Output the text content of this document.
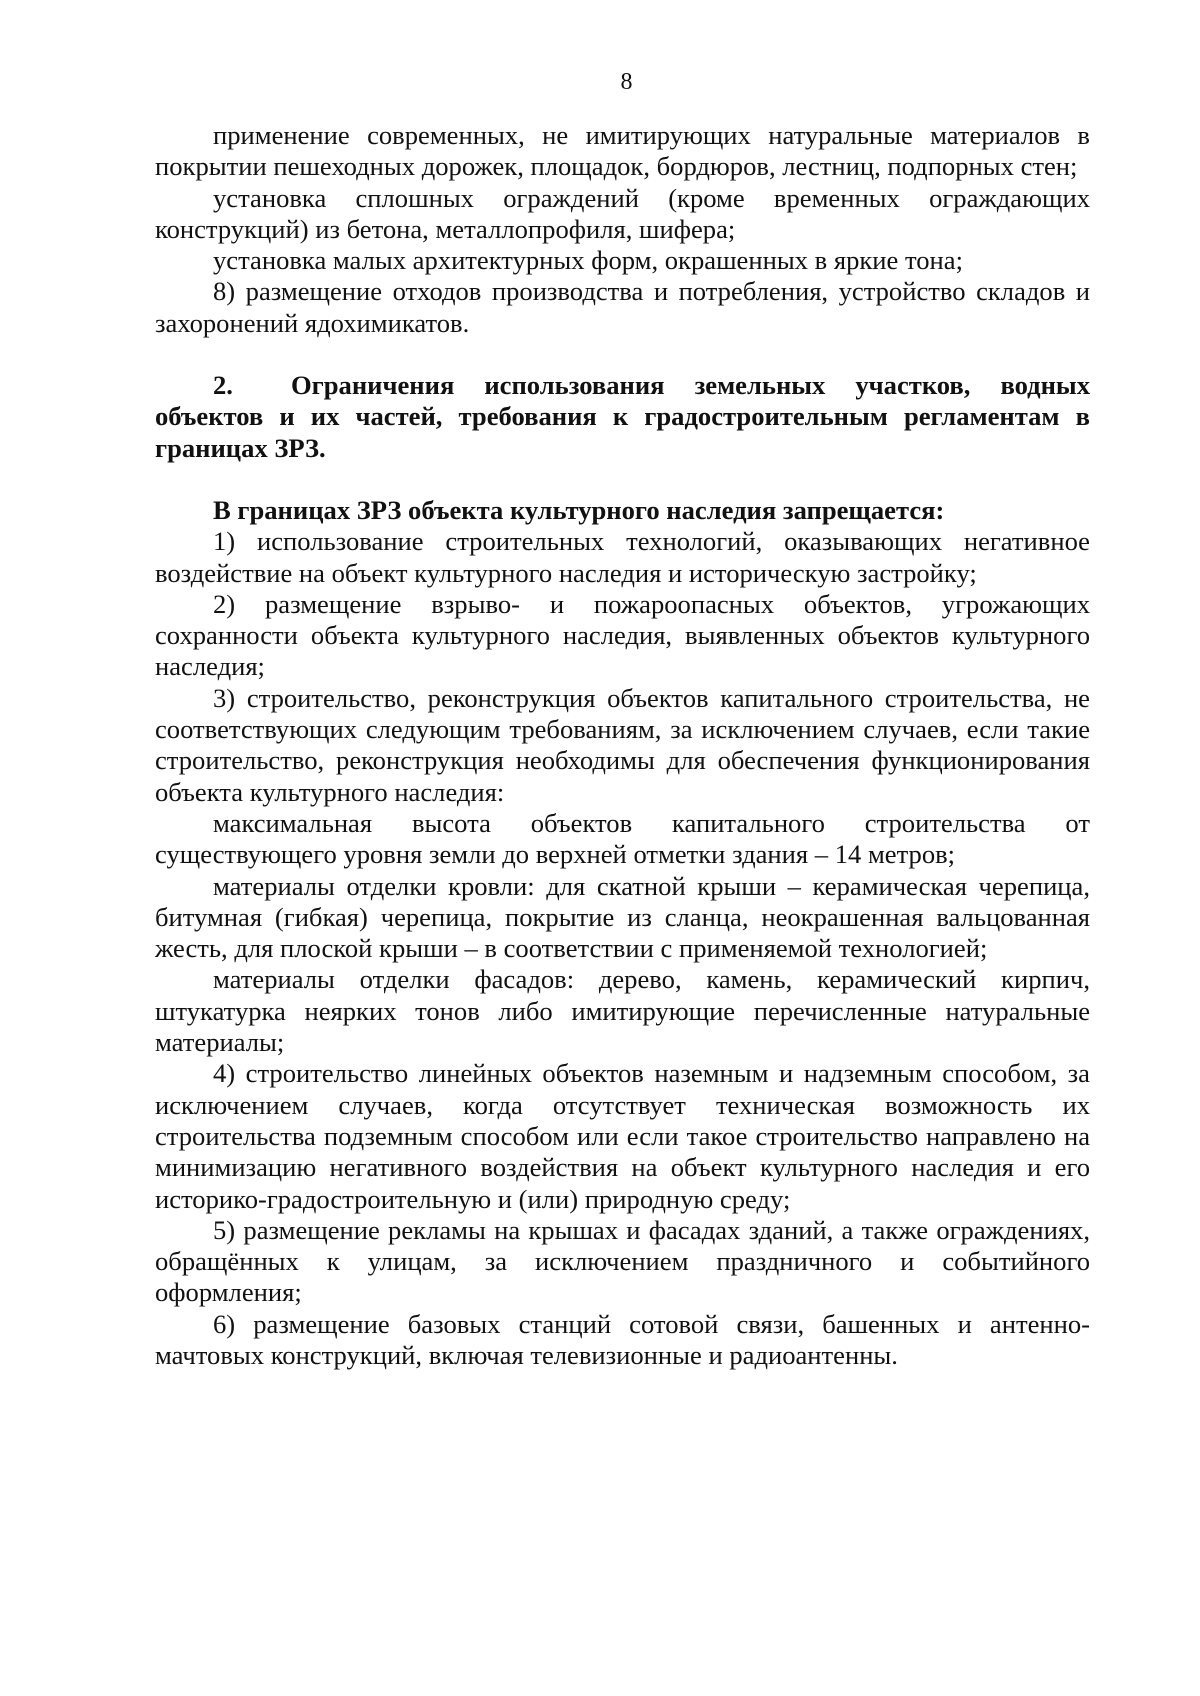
8

применение современных, не имитирующих натуральные материалов в покрытии пешеходных дорожек, площадок, бордюров, лестниц, подпорных стен;

установка сплошных ограждений (кроме временных ограждающих конструкций) из бетона, металлопрофиля, шифера;

установка малых архитектурных форм, окрашенных в яркие тона;

8) размещение отходов производства и потребления, устройство складов и захоронений ядохимикатов.

2. Ограничения использования земельных участков, водных объектов и их частей, требования к градостроительным регламентам в границах ЗРЗ.

В границах ЗРЗ объекта культурного наследия запрещается:

1) использование строительных технологий, оказывающих негативное воздействие на объект культурного наследия и историческую застройку;

2) размещение взрыво- и пожароопасных объектов, угрожающих сохранности объекта культурного наследия, выявленных объектов культурного наследия;

3) строительство, реконструкция объектов капитального строительства, не соответствующих следующим требованиям, за исключением случаев, если такие строительство, реконструкция необходимы для обеспечения функционирования объекта культурного наследия:

максимальная высота объектов капитального строительства от существующего уровня земли до верхней отметки здания – 14 метров;

материалы отделки кровли: для скатной крыши – керамическая черепица, битумная (гибкая) черепица, покрытие из сланца, неокрашенная вальцованная жесть, для плоской крыши – в соответствии с применяемой технологией;

материалы отделки фасадов: дерево, камень, керамический кирпич, штукатурка неярких тонов либо имитирующие перечисленные натуральные материалы;

4) строительство линейных объектов наземным и надземным способом, за исключением случаев, когда отсутствует техническая возможность их строительства подземным способом или если такое строительство направлено на минимизацию негативного воздействия на объект культурного наследия и его историко-градостроительную и (или) природную среду;

5) размещение рекламы на крышах и фасадах зданий, а также ограждениях, обращённых к улицам, за исключением праздничного и событийного оформления;

6) размещение базовых станций сотовой связи, башенных и антенно-мачтовых конструкций, включая телевизионные и радиоантенны.
